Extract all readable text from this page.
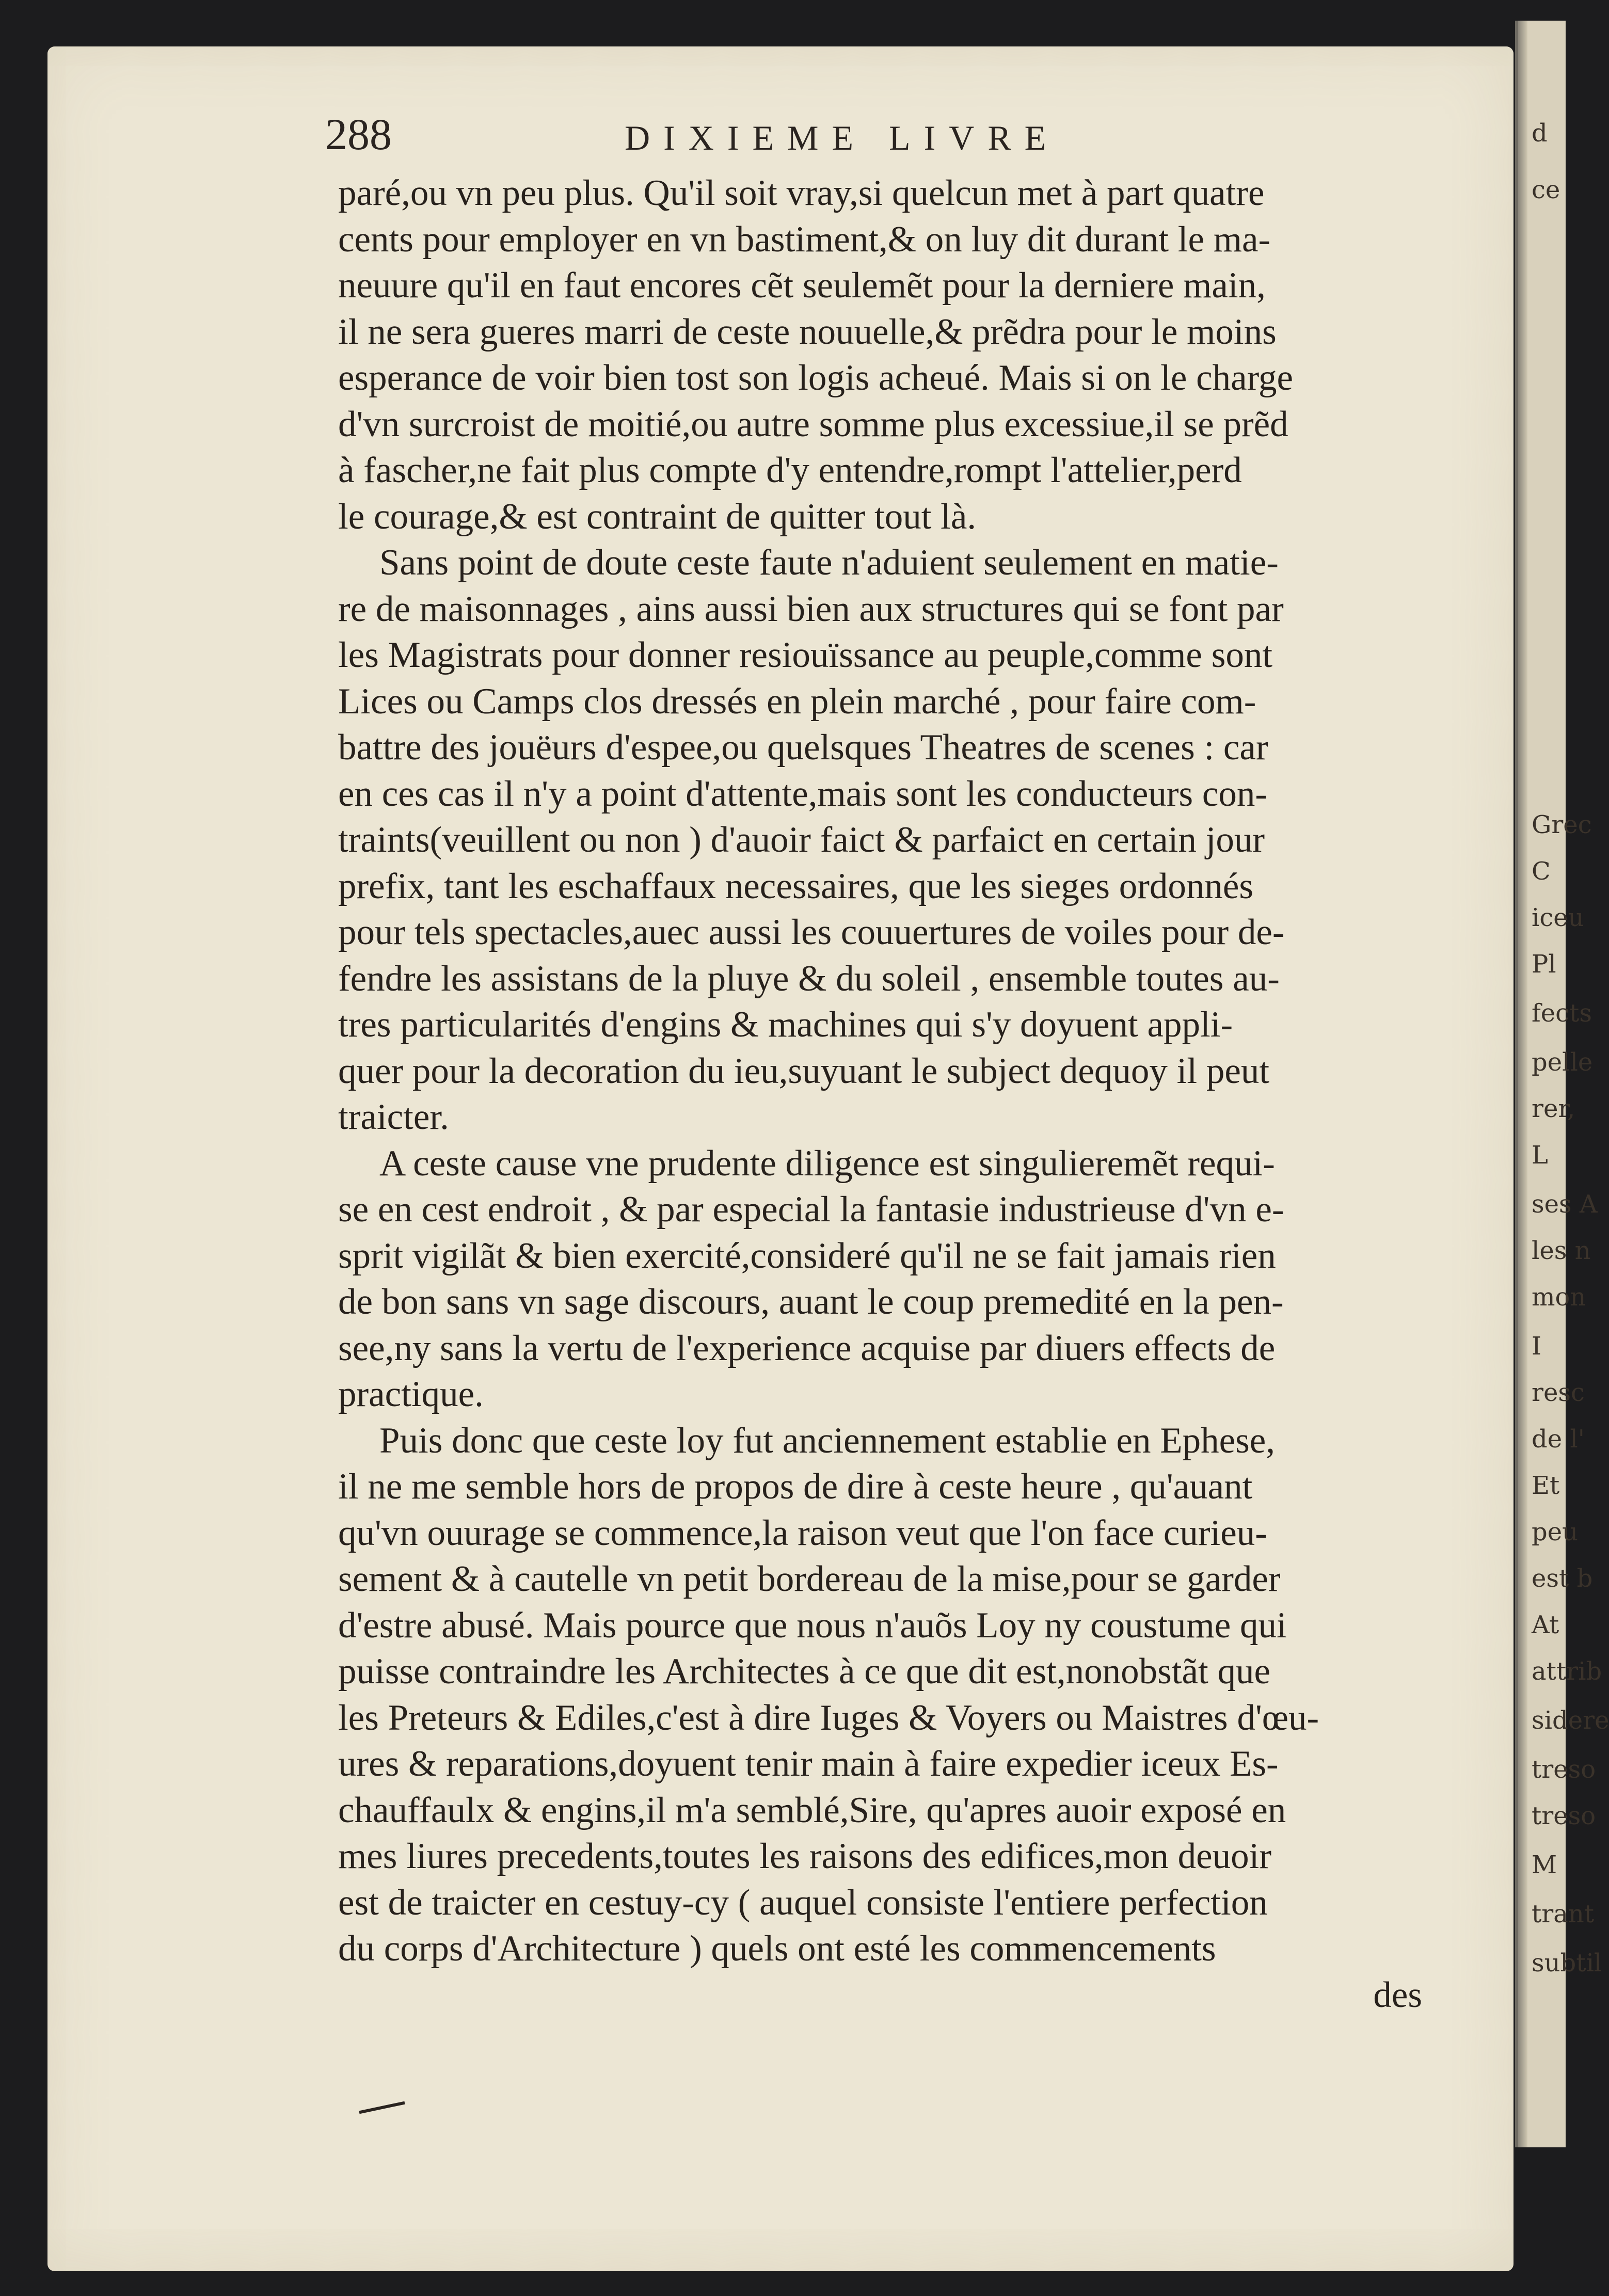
d
ce
Grec
C
iceu
Pl
fects
pelle
rer,
L
ses A
les n
mon
I
resc
de l'
Et
peu
est b
At
attrib
sidere
treso
treso
M
trant
subtil
288	DIXIEME LIVRE

paré,ou vn peu plus. Qu'il soit vray,si quelcun met à part quatre
cents pour employer en vn bastiment,& on luy dit durant le ma-
neuure qu'il en faut encores cẽt seulemẽt pour la derniere main,
il ne sera gueres marri de ceste nouuelle,& prẽdra pour le moins
esperance de voir bien tost son logis acheué. Mais si on le charge
d'vn surcroist de moitié,ou autre somme plus excessiue,il se prẽd
à fascher,ne fait plus compte d'y entendre,rompt l'attelier,perd
le courage,& est contraint de quitter tout là.

Sans point de doute ceste faute n'aduient seulement en matie-
re de maisonnages , ains aussi bien aux structures qui se font par
les Magistrats pour donner resiouïssance au peuple,comme sont
Lices ou Camps clos dressés en plein marché , pour faire com-
battre des jouëurs d'espee,ou quelsques Theatres de scenes : car
en ces cas il n'y a point d'attente,mais sont les conducteurs con-
traints(veuillent ou non ) d'auoir faict & parfaict en certain jour
prefix, tant les eschaffaux necessaires, que les sieges ordonnés
pour tels spectacles,auec aussi les couuertures de voiles pour de-
fendre les assistans de la pluye & du soleil , ensemble toutes au-
tres particularités d'engins & machines qui s'y doyuent appli-
quer pour la decoration du ieu,suyuant le subject dequoy il peut
traicter.

A ceste cause vne prudente diligence est singulieremẽt requi-
se en cest endroit , & par especial la fantasie industrieuse d'vn e-
sprit vigilãt & bien exercité,consideré qu'il ne se fait jamais rien
de bon sans vn sage discours, auant le coup premedité en la pen-
see,ny sans la vertu de l'experience acquise par diuers effects de
practique.

Puis donc que ceste loy fut anciennement establie en Ephese,
il ne me semble hors de propos de dire à ceste heure , qu'auant
qu'vn ouurage se commence,la raison veut que l'on face curieu-
sement & à cautelle vn petit bordereau de la mise,pour se garder
d'estre abusé. Mais pource que nous n'auõs Loy ny coustume qui
puisse contraindre les Architectes à ce que dit est,nonobstãt que
les Preteurs & Ediles,c'est à dire Iuges & Voyers ou Maistres d'œu-
ures & reparations,doyuent tenir main à faire expedier iceux Es-
chauffaulx & engins,il m'a semblé,Sire, qu'apres auoir exposé en
mes liures precedents,toutes les raisons des edifices,mon deuoir
est de traicter en cestuy-cy ( auquel consiste l'entiere perfection
du corps d'Architecture ) quels ont esté les commencements

des
